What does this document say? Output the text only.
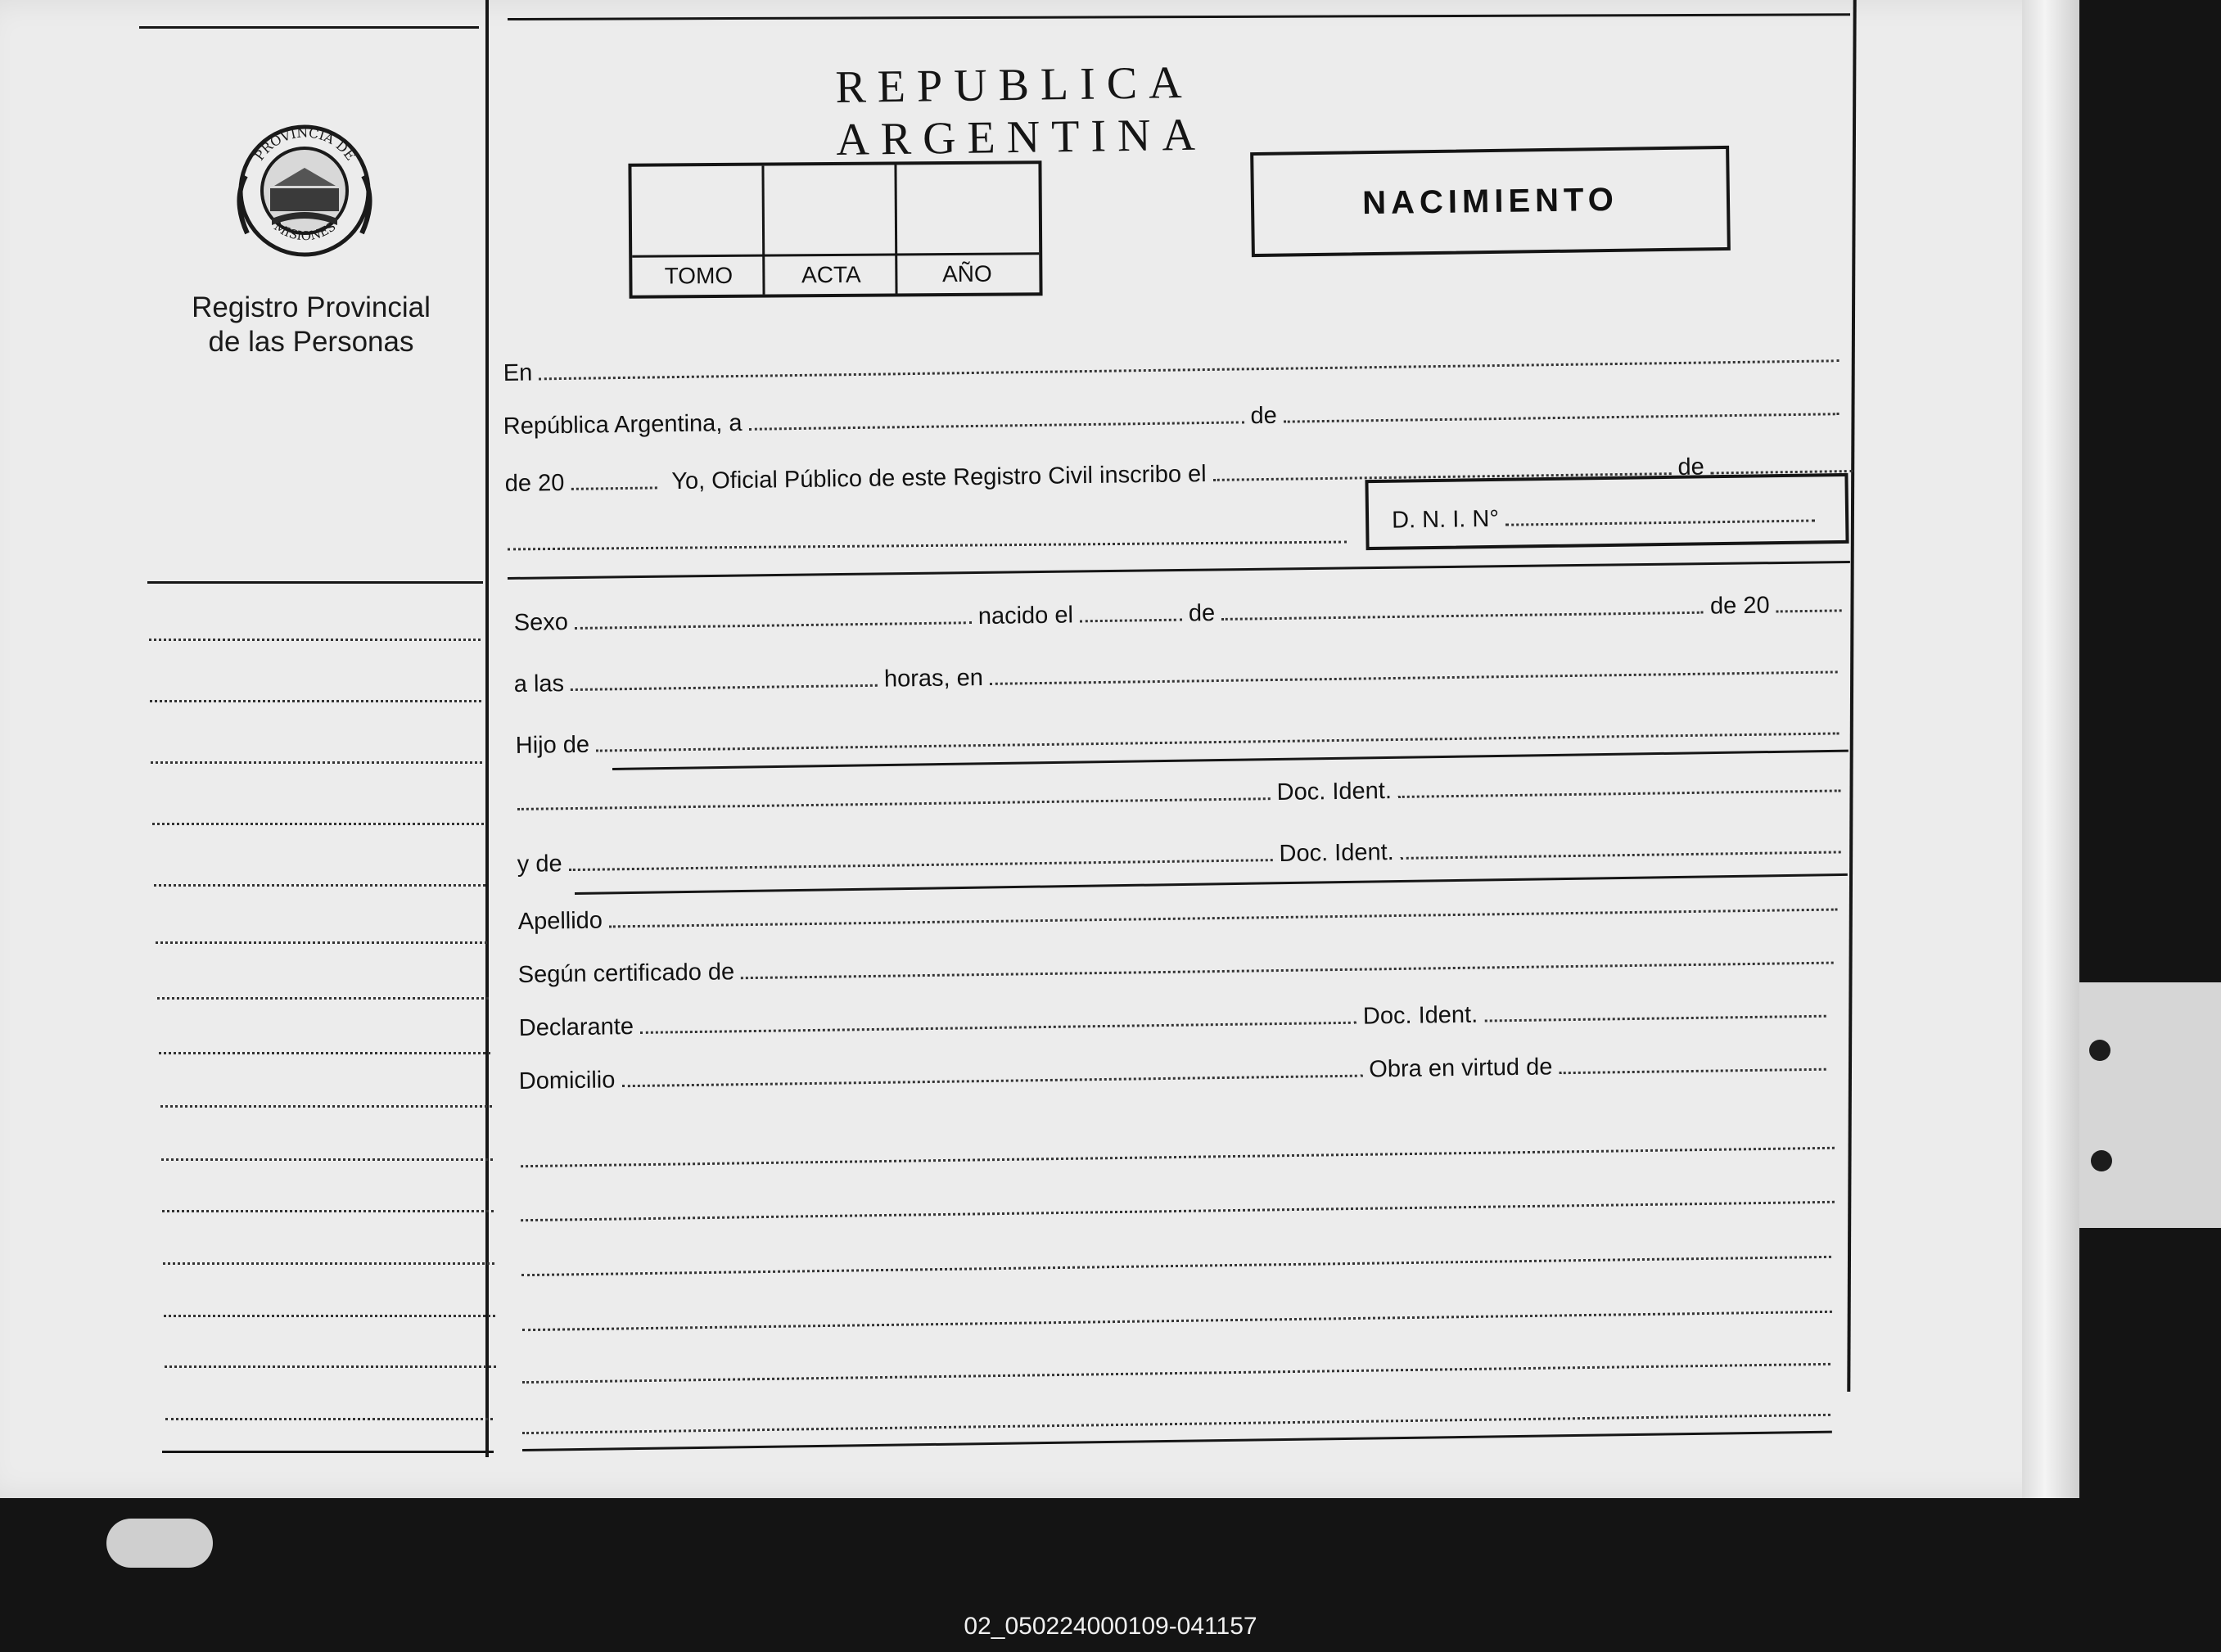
PROVINCIA DE
MISIONES
Registro Provincial
de las Personas
REPUBLICA ARGENTINA
TOMO	ACTA	AÑO
NACIMIENTO
En
República Argentina, a	de
de 20	Yo, Oficial Público de este Registro Civil inscribo el	de
D. N. I. N°
Sexo	nacido el	de	de 20
a las	horas, en
Hijo de
Doc. Ident.
y de	Doc. Ident.
Apellido
Según certificado de
Declarante	Doc. Ident.
Domicilio	Obra en virtud de
02_050224000109-041157
